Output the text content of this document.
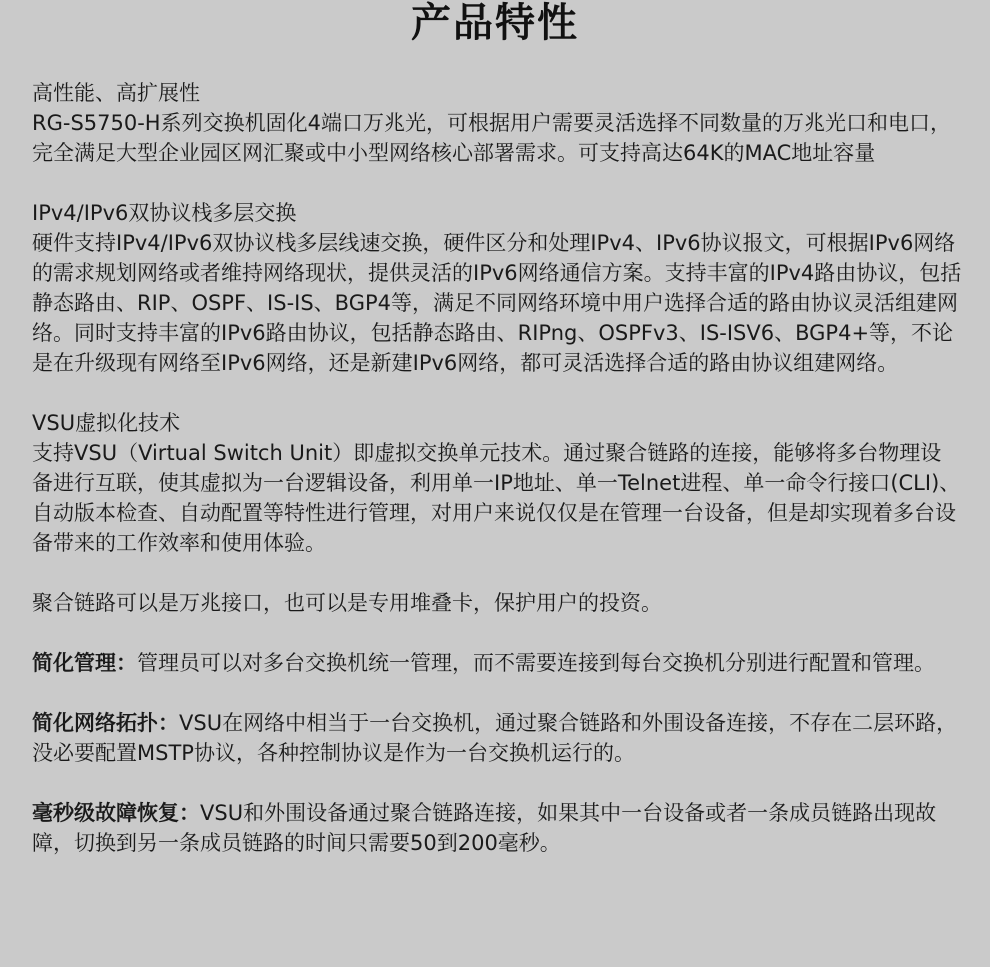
产品特性

高性能、高扩展性

RG-S5750-H系列交换机固化4端口万兆光，可根据用户需要灵活选择不同数量的万兆光口和电口，完全满足大型企业园区网汇聚或中小型网络核心部署需求。可支持高达64K的MAC地址容量

IPv4/IPv6双协议栈多层交换

硬件支持IPv4/IPv6双协议栈多层线速交换，硬件区分和处理IPv4、IPv6协议报文，可根据IPv6网络的需求规划网络或者维持网络现状，提供灵活的IPv6网络通信方案。支持丰富的IPv4路由协议，包括静态路由、RIP、OSPF、IS-IS、BGP4等，满足不同网络环境中用户选择合适的路由协议灵活组建网络。同时支持丰富的IPv6路由协议，包括静态路由、RIPng、OSPFv3、IS-ISV6、BGP4+等，不论是在升级现有网络至IPv6网络，还是新建IPv6网络，都可灵活选择合适的路由协议组建网络。

VSU虚拟化技术

支持VSU（Virtual Switch Unit）即虚拟交换单元技术。通过聚合链路的连接，能够将多台物理设备进行互联，使其虚拟为一台逻辑设备，利用单一IP地址、单一Telnet进程、单一命令行接口(CLI)、自动版本检查、自动配置等特性进行管理，对用户来说仅仅是在管理一台设备，但是却实现着多台设备带来的工作效率和使用体验。

聚合链路可以是万兆接口，也可以是专用堆叠卡，保护用户的投资。

简化管理：管理员可以对多台交换机统一管理，而不需要连接到每台交换机分别进行配置和管理。

简化网络拓扑：VSU在网络中相当于一台交换机，通过聚合链路和外围设备连接，不存在二层环路，没必要配置MSTP协议，各种控制协议是作为一台交换机运行的。

毫秒级故障恢复：VSU和外围设备通过聚合链路连接，如果其中一台设备或者一条成员链路出现故障，切换到另一条成员链路的时间只需要50到200毫秒。
